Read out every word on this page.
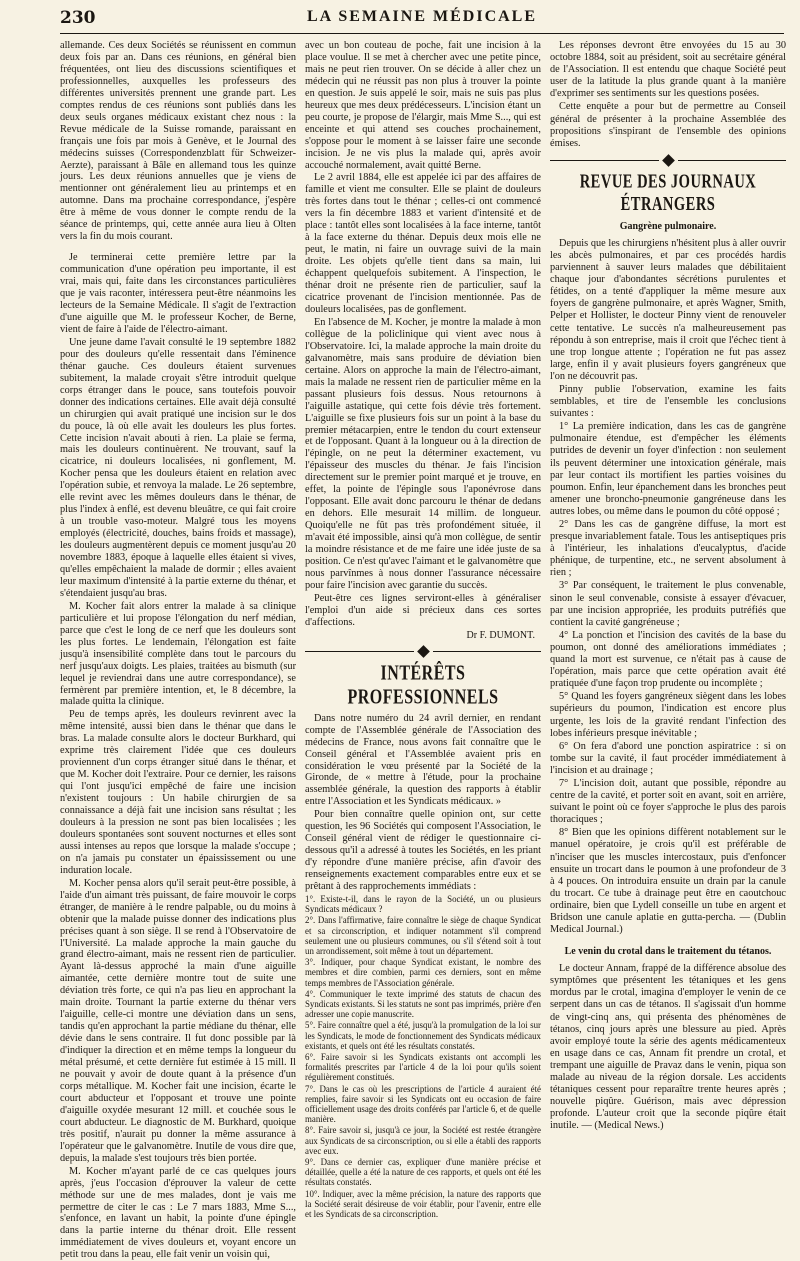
230	LA SEMAINE MÉDICALE

allemande. Ces deux Sociétés se réunissent en commun deux fois par an. Dans ces réunions, en général bien fréquentées, ont lieu des discussions scientifiques et professionnelles, auxquelles les professeurs des différentes universités prennent une grande part. Les comptes rendus de ces réunions sont publiés dans les deux seuls organes médicaux existant chez nous : la Revue médicale de la Suisse romande, paraissant en français une fois par mois à Genève, et le Journal des médecins suisses (Correspondenzblatt für Schweizer-Aerzte), paraissant à Bâle en allemand tous les quinze jours. Les deux réunions annuelles que je viens de mentionner ont généralement lieu au printemps et en automne. Dans ma prochaine correspondance, j'espère être à même de vous donner le compte rendu de la séance de printemps, qui, cette année aura lieu à Olten vers la fin du mois courant.

Je terminerai cette première lettre par la communication d'une opération peu importante, il est vrai, mais qui, faite dans les circonstances particulières que je vais raconter, intéressera peut-être néanmoins les lecteurs de la Semaine Médicale. Il s'agit de l'extraction d'une aiguille que M. le professeur Kocher, de Berne, vient de faire à l'aide de l'électro-aimant.

Une jeune dame l'avait consulté le 19 septembre 1882 pour des douleurs qu'elle ressentait dans l'éminence thénar gauche. Ces douleurs étaient survenues subitement, la malade croyait s'être introduit quelque corps étranger dans le pouce, sans toutefois pouvoir donner des indications certaines. Elle avait déjà consulté un chirurgien qui avait pratiqué une incision sur le dos du pouce, là où elle avait les douleurs les plus fortes. Cette incision n'avait abouti à rien. La plaie se ferma, mais les douleurs continuèrent. Ne trouvant, sauf la cicatrice, ni douleurs localisées, ni gonflement, M. Kocher pensa que les douleurs étaient en relation avec l'opération subie, et renvoya la malade. Le 26 septembre, elle revint avec les mêmes douleurs dans le thénar, de plus l'index à enflé, est devenu bleuâtre, ce qui fait croire à un trouble vaso-moteur. Malgré tous les moyens employés (électricité, douches, bains froids et massage), les douleurs augmentèrent depuis ce moment jusqu'au 20 novembre 1883, époque à laquelle elles étaient si vives, qu'elles empêchaient la malade de dormir ; elles avaient leur maximum d'intensité à la partie externe du thénar, et s'étendaient jusqu'au bras.

M. Kocher fait alors entrer la malade à sa clinique particulière et lui propose l'élongation du nerf médian, parce que c'est le long de ce nerf que les douleurs sont les plus fortes. Le lendemain, l'élongation est faite jusqu'à insensibilité complète dans tout le parcours du nerf jusqu'aux doigts. Les plaies, traitées au bismuth (sur lequel je reviendrai dans une autre correspondance), se fermèrent par première intention, et, le 8 décembre, la malade quitta la clinique.

Peu de temps après, les douleurs revinrent avec la même intensité, aussi bien dans le thénar que dans le bras. La malade consulte alors le docteur Burkhard, qui exprime très clairement l'idée que ces douleurs proviennent d'un corps étranger situé dans le thénar, et que M. Kocher doit l'extraire. Pour ce dernier, les raisons qui l'ont jusqu'ici empêché de faire une incision n'existent toujours : Un habile chirurgien de sa connaissance a déjà fait une incision sans résultat ; les douleurs à la pression ne sont pas bien localisées ; les douleurs spontanées sont souvent nocturnes et elles sont aussi intenses au repos que lorsque la malade s'occupe ; on n'a jamais pu constater un épaississement ou une induration locale.

M. Kocher pensa alors qu'il serait peut-être possible, à l'aide d'un aimant très puissant, de faire mouvoir le corps étranger, de manière à le rendre palpable, ou du moins à obtenir que la malade puisse donner des indications plus précises quant à son siège. Il se rend à l'Observatoire de l'Université. La malade approche la main gauche du grand électro-aimant, mais ne ressent rien de particulier. Ayant là-dessus approché la main d'une aiguille aimantée, cette dernière montre tout de suite une déviation très forte, ce qui n'a pas lieu en approchant la main droite. Tournant la partie externe du thénar vers l'aiguille, celle-ci montre une déviation dans un sens, tandis qu'en approchant la partie médiane du thénar, elle dévie dans le sens contraire. Il fut donc possible par là d'indiquer la direction et en même temps la longueur du métal présumé, et cette dernière fut estimée à 15 mill. Il ne pouvait y avoir de doute quant à la présence d'un corps métallique. M. Kocher fait une incision, écarte le court abducteur et l'opposant et trouve une pointe d'aiguille oxydée mesurant 12 mill. et couchée sous le court abducteur. Le diagnostic de M. Burkhard, quoique très positif, n'aurait pu donner la même assurance à l'opérateur que le galvanomètre. Inutile de vous dire que, depuis, la malade s'est toujours très bien portée.

M. Kocher m'ayant parlé de ce cas quelques jours après, j'eus l'occasion d'éprouver la valeur de cette méthode sur une de mes malades, dont je vais me permettre de citer le cas : Le 7 mars 1883, Mme S..., s'enfonce, en lavant un habit, la pointe d'une épingle dans la partie interne du thénar droit. Elle ressent immédiatement de vives douleurs et, voyant encore un petit trou dans la peau, elle fait venir un voisin qui,

avec un bon couteau de poche, fait une incision à la place voulue. Il se met à chercher avec une petite pince, mais ne peut rien trouver. On se décide à aller chez un médecin qui ne réussit pas non plus à trouver la pointe en question. Je suis appelé le soir, mais ne suis pas plus heureux que mes deux prédécesseurs. L'incision étant un peu courte, je propose de l'élargir, mais Mme S..., qui est enceinte et qui attend ses couches prochainement, s'oppose pour le moment à se laisser faire une seconde incision. Je ne vis plus la malade qui, après avoir accouché normalement, avait quitté Berne.

Le 2 avril 1884, elle est appelée ici par des affaires de famille et vient me consulter. Elle se plaint de douleurs très fortes dans tout le thénar ; celles-ci ont commencé vers la fin décembre 1883 et varient d'intensité et de place : tantôt elles sont localisées à la face interne, tantôt à la face externe du thénar. Depuis deux mois elle ne peut, le matin, ni faire un ouvrage suivi de la main droite. Les objets qu'elle tient dans sa main, lui échappent quelquefois subitement. A l'inspection, le thénar droit ne présente rien de particulier, sauf la cicatrice provenant de l'incision mentionnée. Pas de douleurs localisées, pas de gonflement.

En l'absence de M. Kocher, je montre la malade à mon collègue de la policlinique qui vient avec nous à l'Observatoire. Ici, la malade approche la main droite du galvanomètre, mais sans produire de déviation bien certaine. Alors on approche la main de l'électro-aimant, mais la malade ne ressent rien de particulier même en la passant plusieurs fois dessus. Nous retournons à l'aiguille astatique, qui cette fois dévie très fortement. L'aiguille se fixe plusieurs fois sur un point à la base du premier métacarpien, entre le tendon du court extenseur et de l'opposant. Quant à la longueur ou à la direction de l'épingle, on ne peut la déterminer exactement, vu l'épaisseur des muscles du thénar. Je fais l'incision directement sur le premier point marqué et je trouve, en effet, la pointe de l'épingle sous l'aponévrose dans l'opposant. Elle avait donc parcouru le thénar de dedans en dehors. Elle mesurait 14 millim. de longueur. Quoiqu'elle ne fût pas très profondément située, il m'avait été impossible, ainsi qu'à mon collègue, de sentir la moindre résistance et de me faire une idée juste de sa position. Ce n'est qu'avec l'aimant et le galvanomètre que nous parvînmes à nous donner l'assurance nécessaire pour faire l'incision avec garantie du succès.

Peut-être ces lignes serviront-elles à généraliser l'emploi d'un aide si précieux dans ces sortes d'affections.

Dr F. DUMONT.
INTÉRÊTS PROFESSIONNELS

Dans notre numéro du 24 avril dernier, en rendant compte de l'Assemblée générale de l'Association des médecins de France, nous avons fait connaître que le Conseil général et l'Assemblée avaient pris en considération le vœu présenté par la Société de la Gironde, de « mettre à l'étude, pour la prochaine assemblée générale, la question des rapports à établir entre l'Association et les Syndicats médicaux. »

Pour bien connaître quelle opinion ont, sur cette question, les 96 Sociétés qui composent l'Association, le Conseil général vient de rédiger le questionnaire ci-dessous qu'il a adressé à toutes les Sociétés, en les priant d'y répondre d'une manière précise, afin d'avoir des renseignements exactement comparables entre eux et se prêtant à des rapprochements immédiats :

1°. Existe-t-il, dans le rayon de la Société, un ou plusieurs Syndicats médicaux ?

2°. Dans l'affirmative, faire connaître le siège de chaque Syndicat et sa circonscription, et indiquer notamment s'il comprend seulement une ou plusieurs communes, ou s'il s'étend soit à tout un arrondissement, soit même à tout un département.

3°. Indiquer, pour chaque Syndicat existant, le nombre des membres et dire combien, parmi ces derniers, sont en même temps membres de l'Association générale.

4°. Communiquer le texte imprimé des statuts de chacun des Syndicats existants. Si les statuts ne sont pas imprimés, prière d'en adresser une copie manuscrite.

5°. Faire connaître quel a été, jusqu'à la promulgation de la loi sur les Syndicats, le mode de fonctionnement des Syndicats médicaux existants, et quels ont été les résultats constatés.

6°. Faire savoir si les Syndicats existants ont accompli les formalités prescrites par l'article 4 de la loi pour qu'ils soient régulièrement constitués.

7°. Dans le cas où les prescriptions de l'article 4 auraient été remplies, faire savoir si les Syndicats ont eu occasion de faire officiellement usage des droits conférés par l'article 6, et de quelle manière.

8°. Faire savoir si, jusqu'à ce jour, la Société est restée étrangère aux Syndicats de sa circonscription, ou si elle a établi des rapports avec eux.

9°. Dans ce dernier cas, expliquer d'une manière précise et détaillée, quelle a été la nature de ces rapports, et quels ont été les résultats constatés.

10°. Indiquer, avec la même précision, la nature des rapports que la Société serait désireuse de voir établir, pour l'avenir, entre elle et les Syndicats de sa circonscription.

Les réponses devront être envoyées du 15 au 30 octobre 1884, soit au président, soit au secrétaire général de l'Association. Il est entendu que chaque Société peut user de la latitude la plus grande quant à la manière d'exprimer ses sentiments sur les questions posées.

Cette enquête a pour but de permettre au Conseil général de présenter à la prochaine Assemblée des propositions s'inspirant de l'ensemble des opinions émises.

REVUE DES JOURNAUX ÉTRANGERS
Gangrène pulmonaire.

Depuis que les chirurgiens n'hésitent plus à aller ouvrir les abcès pulmonaires, et par ces procédés hardis parviennent à sauver leurs malades que débilitaient chaque jour d'abondantes sécrétions purulentes et fétides, on a tenté d'appliquer la même mesure aux foyers de gangrène pulmonaire, et après Wagner, Smith, Pelper et Hollister, le docteur Pinny vient de renouveler cette tentative. Le succès n'a malheureusement pas répondu à son entreprise, mais il croit que l'échec tient à une trop longue attente ; l'opération ne fut pas assez large, enfin il y avait plusieurs foyers gangréneux que l'on ne découvrit pas.

Pinny publie l'observation, examine les faits semblables, et tire de l'ensemble les conclusions suivantes :

1° La première indication, dans les cas de gangrène pulmonaire étendue, est d'empêcher les éléments putrides de devenir un foyer d'infection : non seulement ils peuvent déterminer une intoxication générale, mais par leur contact ils mortifient les parties voisines du poumon. Enfin, leur épanchement dans les bronches peut amener une broncho-pneumonie gangréneuse dans les autres lobes, ou même dans le poumon du côté opposé ;

2° Dans les cas de gangrène diffuse, la mort est presque invariablement fatale. Tous les antiseptiques pris à l'intérieur, les inhalations d'eucalyptus, d'acide phénique, de turpentine, etc., ne servent absolument à rien ;

3° Par conséquent, le traitement le plus convenable, sinon le seul convenable, consiste à essayer d'évacuer, par une incision appropriée, les produits putréfiés que contient la cavité gangréneuse ;

4° La ponction et l'incision des cavités de la base du poumon, ont donné des améliorations immédiates ; quand la mort est survenue, ce n'était pas à cause de l'opération, mais parce que cette opération avait été pratiquée d'une façon trop prudente ou incomplète ;

5° Quand les foyers gangréneux siègent dans les lobes supérieurs du poumon, l'indication est encore plus urgente, les lois de la gravité rendant l'infection des lobes inférieurs presque inévitable ;

6° On fera d'abord une ponction aspiratrice : si on tombe sur la cavité, il faut procéder immédiatement à l'incision et au drainage ;

7° L'incision doit, autant que possible, répondre au centre de la cavité, et porter soit en avant, soit en arrière, suivant le point où ce foyer s'approche le plus des parois thoraciques ;

8° Bien que les opinions diffèrent notablement sur le manuel opératoire, je crois qu'il est préférable de n'inciser que les muscles intercostaux, puis d'enfoncer ensuite un trocart dans le poumon à une profondeur de 3 à 4 pouces. On introduira ensuite un drain par la canule du trocart. Ce tube à drainage peut être en caoutchouc ordinaire, bien que Lydell conseille un tube en argent et Bridson une canule aplatie en gutta-percha. — (Dublin Medical Journal.)

Le venin du crotal dans le traitement du tétanos.

Le docteur Annam, frappé de la différence absolue des symptômes que présentent les tétaniques et les gens mordus par le crotal, imagina d'employer le venin de ce serpent dans un cas de tétanos. Il s'agissait d'un homme de vingt-cinq ans, qui présenta des phénomènes de tétanos, cinq jours après une blessure au pied. Après avoir employé toute la série des agents médicamenteux en usage dans ce cas, Annam fit prendre un crotal, et trempant une aiguille de Pravaz dans le venin, piqua son malade au niveau de la région dorsale. Les accidents tétaniques cessent pour reparaître trente heures après ; nouvelle piqûre. Guérison, mais avec dépression profonde. L'auteur croit que la seconde piqûre était inutile. — (Medical News.)
